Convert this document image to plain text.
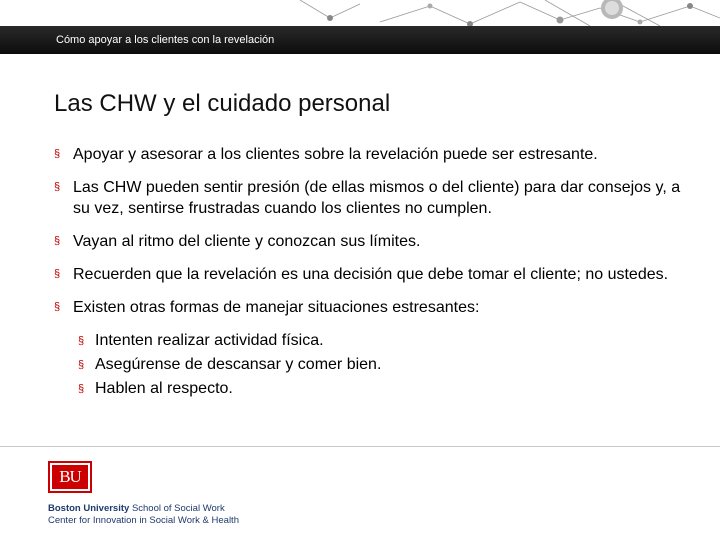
Cómo apoyar a los clientes con la revelación
Las CHW y el cuidado personal
§ Apoyar y asesorar a los clientes sobre la revelación puede ser estresante.
§ Las CHW pueden sentir presión (de ellas mismos o del cliente) para dar consejos y, a su vez, sentirse frustradas cuando los clientes no cumplen.
§ Vayan al ritmo del cliente y conozcan sus límites.
§ Recuerden que la revelación es una decisión que debe tomar el cliente; no ustedes.
§ Existen otras formas de manejar situaciones estresantes:
§ Intenten realizar actividad física.
§ Asegúrense de descansar y comer bien.
§ Hablen al respecto.
BU
Boston University School of Social Work
Center for Innovation in Social Work & Health
